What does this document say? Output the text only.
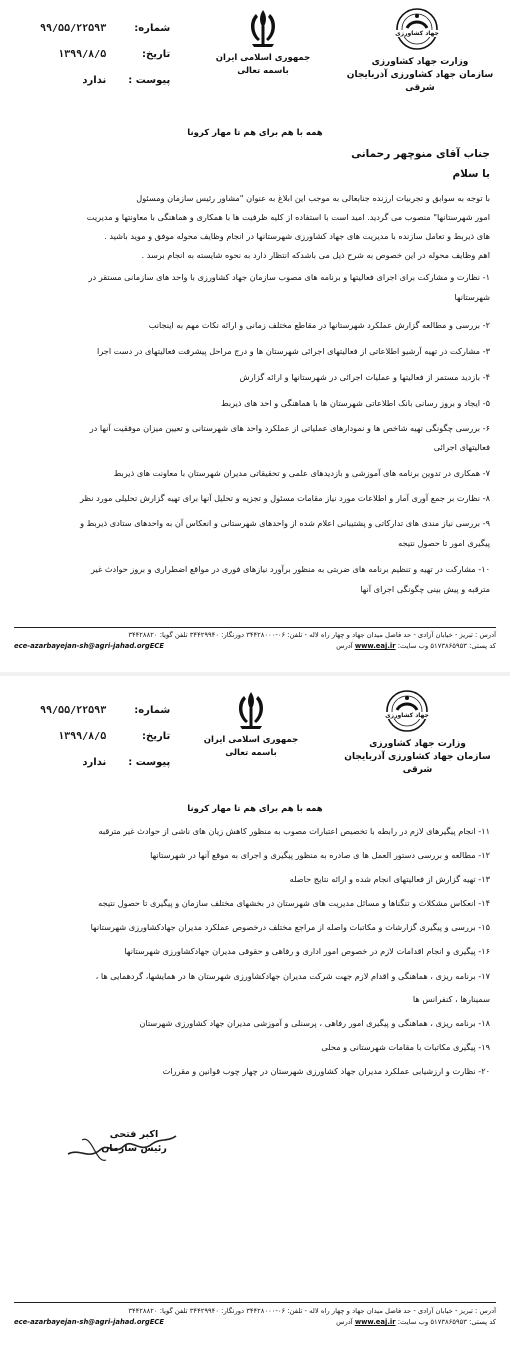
شماره:
۹۹/۵۵/۲۲۵۹۳
تاریخ:
۱۳۹۹/۸/۵
پیوست :
ندارد
جمهوری اسلامی ایران
باسمه تعالی
جهاد کشاورزی
وزارت جهاد کشاورزی
سازمان جهاد کشاورزی آذربایجان شرقی
همه با هم برای هم تا مهار کرونا
جناب آقای منوچهر رحمانی
با سلام
با توجه به سوابق و تجربیات ارزنده جنابعالی به موجب این ابلاغ به عنوان "مشاور رئیس سازمان ومسئول
امور شهرستانها" منصوب می گردید. امید است با استفاده از کلیه ظرفیت ها با همکاری و هماهنگی با معاونتها و مدیریت
های ذیربط و تعامل سازنده با مدیریت های جهاد کشاورزی شهرستانها در انجام وظایف محوله موفق و موید باشید .
اهم وظایف محوله در این خصوص به شرح ذیل می باشدکه انتظار دارد به نحوه شایسته به انجام برسد .
۱- نظارت و مشارکت برای اجرای فعالیتها و برنامه های مصوب سازمان جهاد کشاورزی با واحد های سازمانی مستقر در
شهرستانها
۲- بررسی و مطالعه گزارش عملکرد شهرستانها در مقاطع مختلف زمانی و ارائه نکات مهم به اینجانب
۳- مشارکت در تهیه آرشیو اطلاعاتی از فعالیتهای اجرائی شهرستان ها و درج مراحل پیشرفت فعالیتهای در دست اجرا
۴- بازدید مستمر از فعالیتها و عملیات اجرائی در شهرستانها و ارائه گزارش
۵- ایجاد و بروز رسانی بانک اطلاعاتی شهرستان ها با هماهنگی و احد های ذیربط
۶- بررسی چگونگی تهیه شاخص ها و نمودارهای عملیاتی از عملکرد واحد های شهرستانی و تعیین میزان موفقیت آنها در
فعالیتهای اجرائی
۷- همکاری در تدوین برنامه های آموزشی و بازدیدهای علمی و تحقیقاتی مدیران شهرستان با معاونت های ذیربط
۸- نظارت بر جمع آوری آمار و اطلاعات مورد نیاز مقامات مسئول و تجزیه و تحلیل آنها برای تهیه گزارش تحلیلی مورد نظر
۹- بررسی نیاز مندی های تدارکاتی و پشتیبانی اعلام شده از واحدهای شهرستانی و انعکاس آن به واحدهای ستادی ذیربط و
پیگیری امور تا حصول نتیجه
۱۰- مشارکت در تهیه و تنظیم برنامه های ضربتی به منظور برآورد نیازهای فوری در مواقع اضطراری و بروز حوادث غیر
مترقبه و پیش بینی چگونگی اجرای آنها
آدرس : تبریز - خیابان آزادی - حد فاصل میدان جهاد و چهار راه لاله - تلفن: ۰۶-۳۴۴۲۸۰۰۰ دورنگار: ۳۴۴۲۹۹۴۰ تلفن گویا: ۳۴۴۲۸۸۲۰
کد پستی: ۵۱۷۳۸۶۵۹۵۳ وب سایت: www.eaj.ir آدرس
ece-azarbayejan-sh@agri-jahad.orgECE
شماره:
۹۹/۵۵/۲۲۵۹۳
تاریخ:
۱۳۹۹/۸/۵
پیوست :
ندارد
جمهوری اسلامی ایران
باسمه تعالی
جهاد کشاورزی
وزارت جهاد کشاورزی
سازمان جهاد کشاورزی آذربایجان شرقی
همه با هم برای هم تا مهار کرونا
۱۱- انجام پیگیرهای لازم در رابطه با تخصیص اعتبارات مصوب به منظور کاهش زیان های ناشی از حوادث غیر مترقبه
۱۲- مطالعه و بررسی دستور العمل ها ی صادره به منظور پیگیری و اجرای به موقع آنها در شهرستانها
۱۳- تهیه گزارش از فعالیتهای انجام شده و ارائه نتایج حاصله
۱۴- انعکاس مشکلات و تنگناها و مسائل مدیریت های شهرستان در بخشهای مختلف سازمان و پیگیری تا حصول نتیجه
۱۵- بررسی و پیگیری گزارشات و مکاتبات واصله از مراجع مختلف درخصوص عملکرد مدیران جهادکشاورزی شهرستانها
۱۶- پیگیری و انجام اقدامات لازم در خصوص امور اداری و رفاهی و حقوقی مدیران جهادکشاورزی شهرستانها
۱۷- برنامه ریزی ، هماهنگی و اقدام لازم جهت شرکت مدیران جهادکشاورزی شهرستان ها در همایشها، گردهمایی ها ،
سمینارها ، کنفرانس ها
۱۸- برنامه ریزی ، هماهنگی و پیگیری امور رفاهی ، پرسنلی و آموزشی مدیران جهاد کشاورزی شهرستان
۱۹- پیگیری مکاتبات با مقامات شهرستانی و محلی
۲۰- نظارت و ارزشیابی عملکرد مدیران جهاد کشاورزی شهرستان در چهار چوب قوانین و مقررات
اکبر فتحی
رئیس سازمان
آدرس : تبریز - خیابان آزادی - حد فاصل میدان جهاد و چهار راه لاله - تلفن: ۰۶-۳۴۴۲۸۰۰۰ دورنگار: ۳۴۴۲۹۹۴۰ تلفن گویا: ۳۴۴۲۸۸۲۰
کد پستی: ۵۱۷۳۸۶۵۹۵۳ وب سایت: www.eaj.ir آدرس
ece-azarbayejan-sh@agri-jahad.orgECE
